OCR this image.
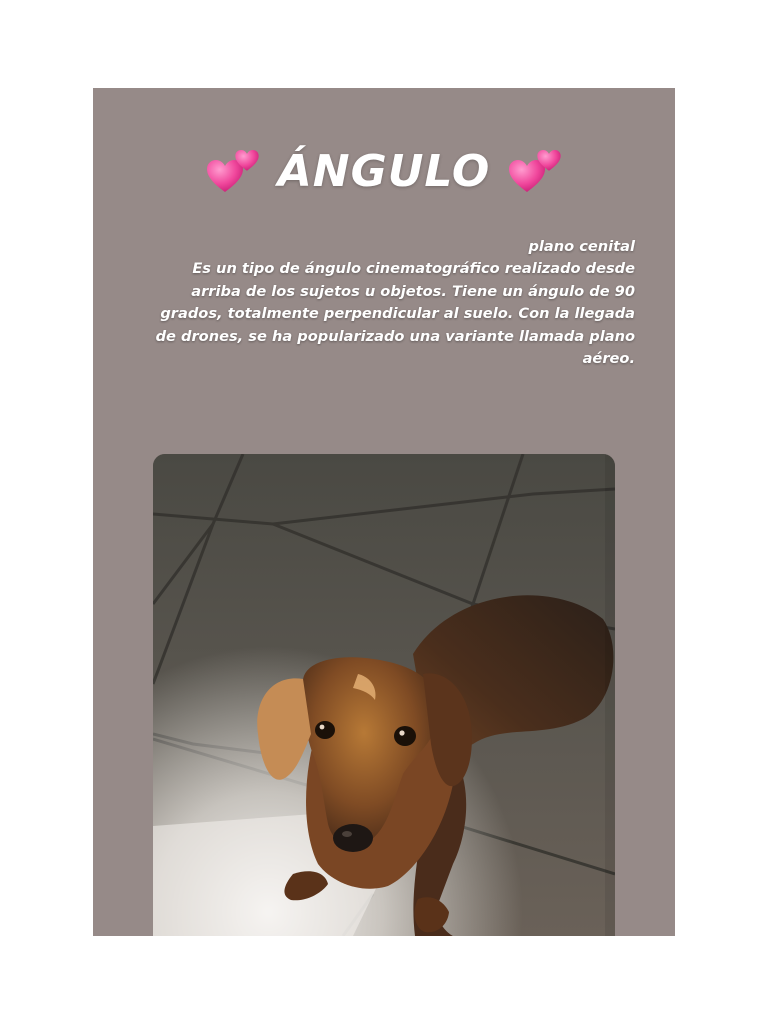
ÁNGULO
plano cenital
Es un tipo de ángulo cinematográfico realizado desde
arriba de los sujetos u objetos. Tiene un ángulo de 90
grados, totalmente perpendicular al suelo. Con la llegada
de drones, se ha popularizado una variante llamada plano
aéreo.
